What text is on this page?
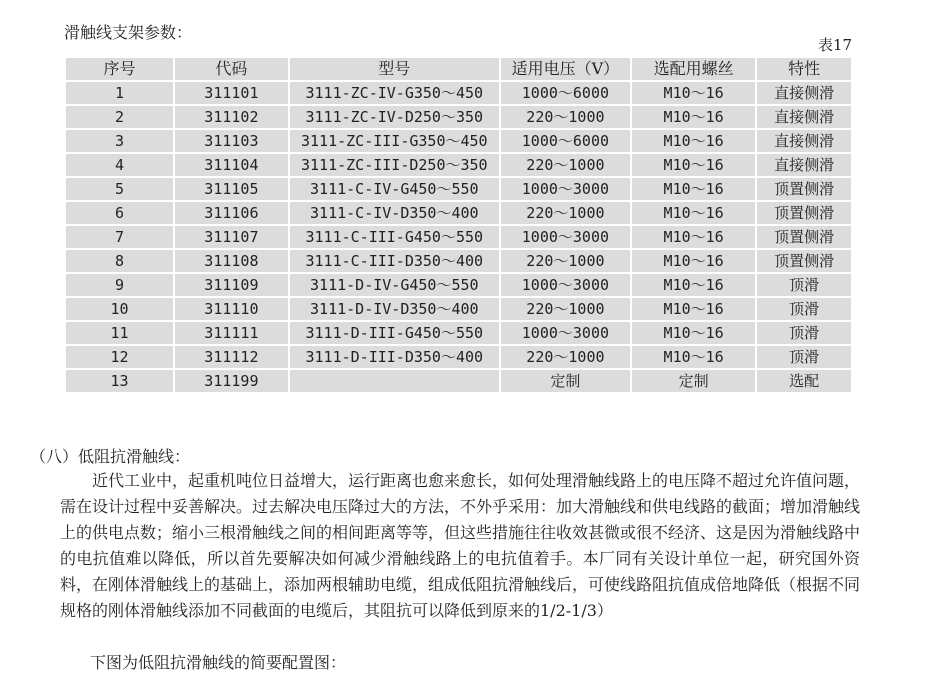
滑触线支架参数：
表17
序号	代码	型号	适用电压（V）	选配用螺丝	特性
1	311101	3111-ZC-IV-G350～450	1000～6000	M10～16	直接侧滑
2	311102	3111-ZC-IV-D250～350	220～1000	M10～16	直接侧滑
3	311103	3111-ZC-III-G350～450	1000～6000	M10～16	直接侧滑
4	311104	3111-ZC-III-D250～350	220～1000	M10～16	直接侧滑
5	311105	3111-C-IV-G450～550	1000～3000	M10～16	顶置侧滑
6	311106	3111-C-IV-D350～400	220～1000	M10～16	顶置侧滑
7	311107	3111-C-III-G450～550	1000～3000	M10～16	顶置侧滑
8	311108	3111-C-III-D350～400	220～1000	M10～16	顶置侧滑
9	311109	3111-D-IV-G450～550	1000～3000	M10～16	顶滑
10	311110	3111-D-IV-D350～400	220～1000	M10～16	顶滑
11	311111	3111-D-III-G450～550	1000～3000	M10～16	顶滑
12	311112	3111-D-III-D350～400	220～1000	M10～16	顶滑
13	311199		定制	定制	选配
（八）低阻抗滑触线：

近代工业中，起重机吨位日益增大，运行距离也愈来愈长，如何处理滑触线路上的电压降不超过允许值问题，需在设计过程中妥善解决。过去解决电压降过大的方法，不外乎采用：加大滑触线和供电线路的截面；增加滑触线上的供电点数；缩小三根滑触线之间的相间距离等等，但这些措施往往收效甚微或很不经济、这是因为滑触线路中的电抗值难以降低，所以首先要解决如何减少滑触线路上的电抗值着手。本厂同有关设计单位一起，研究国外资料，在刚体滑触线上的基础上，添加两根辅助电缆，组成低阻抗滑触线后，可使线路阻抗值成倍地降低（根据不同规格的刚体滑触线添加不同截面的电缆后，其阻抗可以降低到原来的1/2-1/3）

下图为低阻抗滑触线的简要配置图：
